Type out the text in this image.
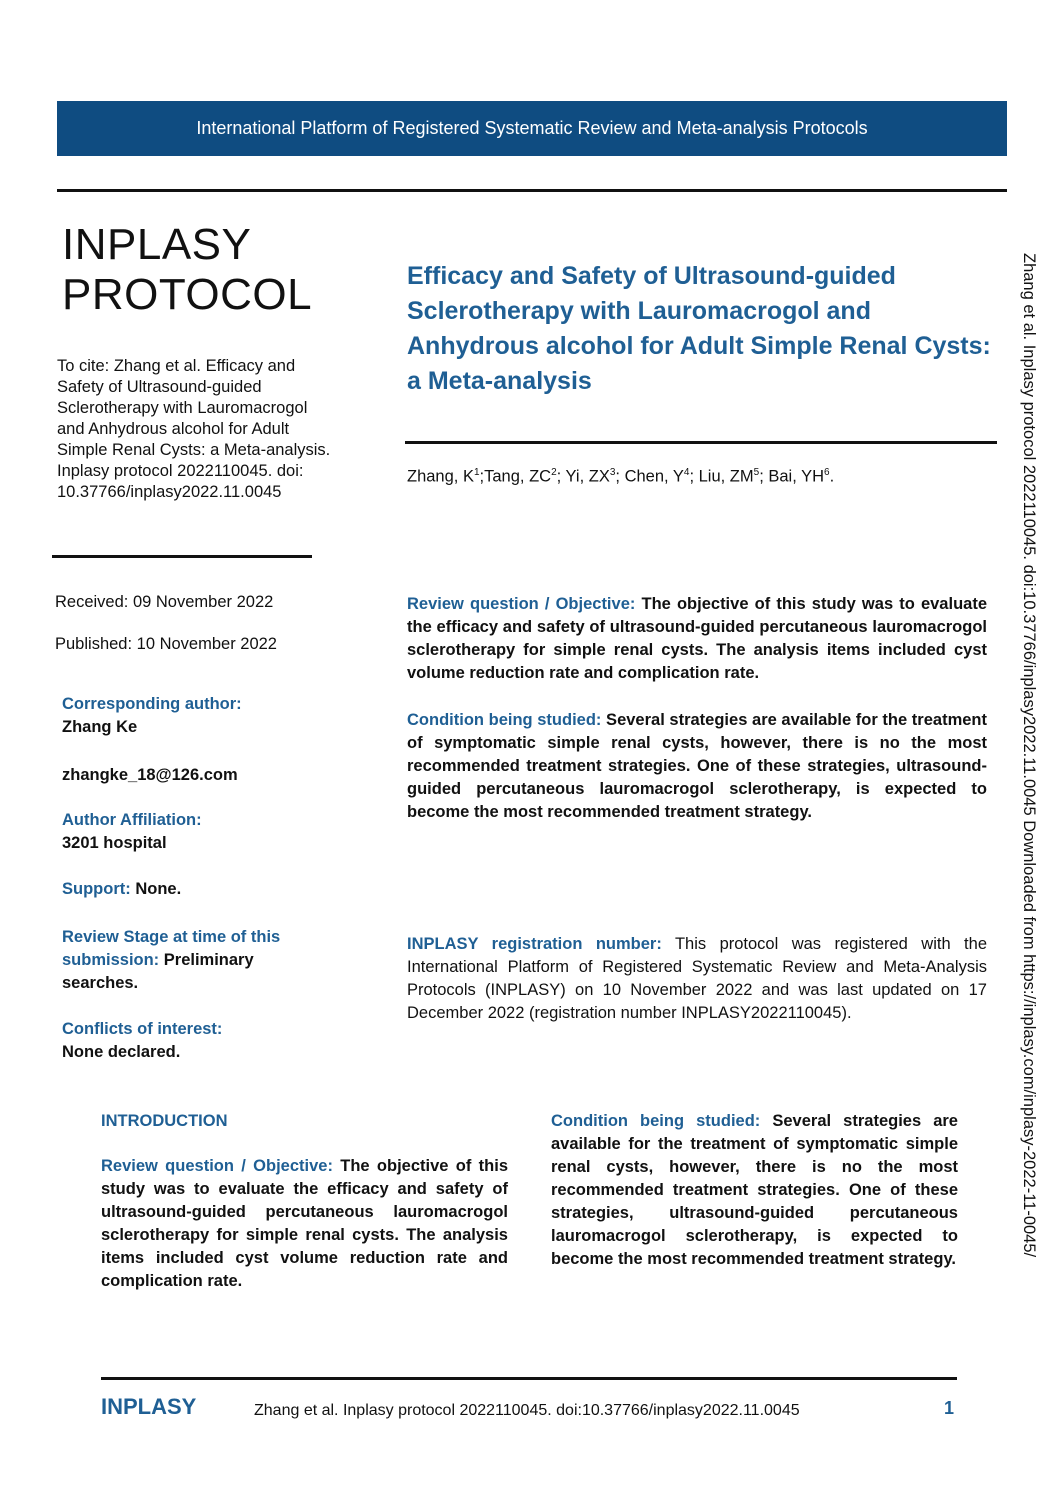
International Platform of Registered Systematic Review and Meta-analysis Protocols
INPLASY
PROTOCOL
To cite: Zhang et al. Efficacy and Safety of Ultrasound-guided Sclerotherapy with Lauromacrogol and Anhydrous alcohol for Adult Simple Renal Cysts: a Meta-analysis. Inplasy protocol 2022110045. doi: 10.37766/inplasy2022.11.0045
Received: 09 November 2022
Published: 10 November 2022
Corresponding author:
Zhang Ke
zhangke_18@126.com
Author Affiliation:
3201 hospital
Support: None.
Review Stage at time of this submission: Preliminary searches.
Conflicts of interest:
None declared.
Efficacy and Safety of Ultrasound-guided Sclerotherapy with Lauromacrogol and Anhydrous alcohol for Adult Simple Renal Cysts: a Meta-analysis
Zhang, $K^1;Tang$, $ZC^2$; Yi, $ZX^3$; Chen, $Y^4$; Liu, $ZM^5$; Bai, $YH^6$.
Review question / Objective: The objective of this study was to evaluate the efficacy and safety of ultrasound-guided percutaneous lauromacrogol sclerotherapy for simple renal cysts. The analysis items included cyst volume reduction rate and complication rate.
Condition being studied: Several strategies are available for the treatment of symptomatic simple renal cysts, however, there is no the most recommended treatment strategies. One of these strategies, ultrasound-guided percutaneous lauromacrogol sclerotherapy, is expected to become the most recommended treatment strategy.
INPLASY registration number: This protocol was registered with the International Platform of Registered Systematic Review and Meta-Analysis Protocols (INPLASY) on 10 November 2022 and was last updated on 17 December 2022 (registration number INPLASY2022110045).
INTRODUCTION
Review question / Objective: The objective of this study was to evaluate the efficacy and safety of ultrasound-guided percutaneous lauromacrogol sclerotherapy for simple renal cysts. The analysis items included cyst volume reduction rate and complication rate.
Condition being studied: Several strategies are available for the treatment of symptomatic simple renal cysts, however, there is no the most recommended treatment strategies. One of these strategies, ultrasound-guided percutaneous lauromacrogol sclerotherapy, is expected to become the most recommended treatment strategy.
Zhang et al. Inplasy protocol 2022110045. doi:10.37766/inplasy2022.11.0045 Downloaded from https://inplasy.com/inplasy-2022-11-0045/
INPLASY	Zhang et al. Inplasy protocol 2022110045. doi:10.37766/inplasy2022.11.0045	1
